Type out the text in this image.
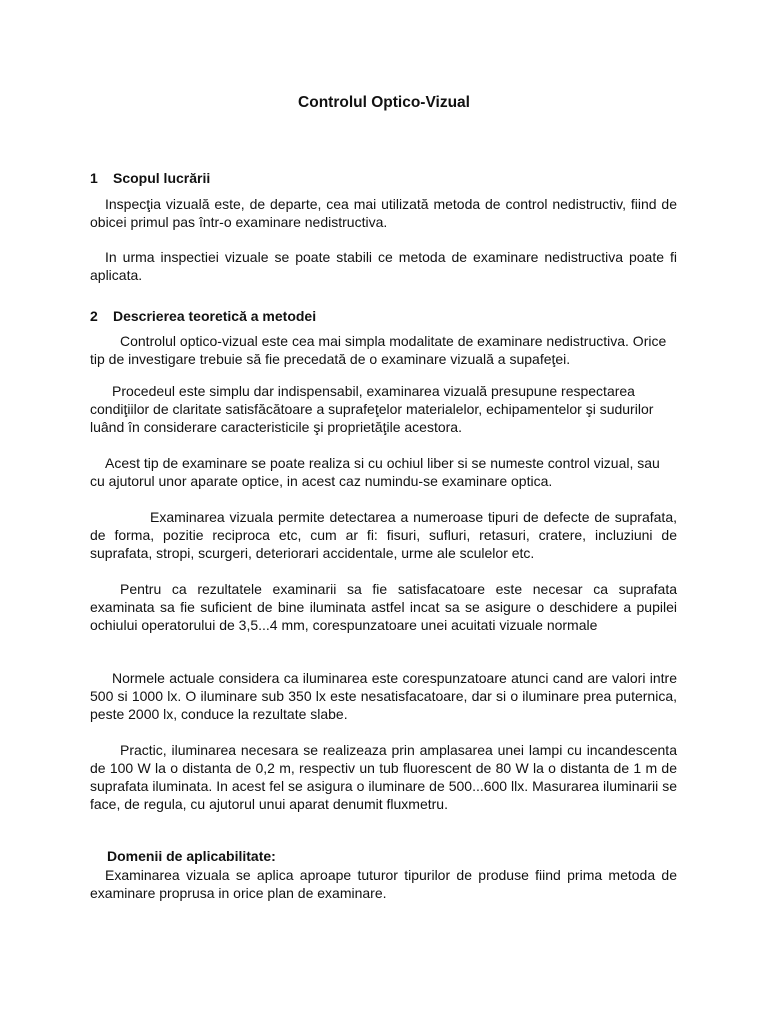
Controlul Optico-Vizual
1 Scopul lucrării

Inspecţia vizuală este, de departe, cea mai utilizată metoda de control nedistructiv, fiind de obicei primul pas într-o examinare nedistructiva.

In urma inspectiei vizuale se poate stabili ce metoda de examinare nedistructiva poate fi aplicata.

2 Descrierea teoretică a metodei

Controlul optico-vizual este cea mai simpla modalitate de examinare nedistructiva. Orice tip de investigare trebuie să fie precedată de o examinare vizuală a supafeţei.

Procedeul este simplu dar indispensabil, examinarea vizuală presupune respectarea condiţiilor de claritate satisfăcătoare a suprafeţelor materialelor, echipamentelor şi sudurilor luând în considerare caracteristicile şi proprietăţile acestora.

Acest tip de examinare se poate realiza si cu ochiul liber si se numeste control vizual, sau cu ajutorul unor aparate optice, in acest caz numindu-se examinare optica.

Examinarea vizuala permite detectarea a numeroase tipuri de defecte de suprafata, de forma, pozitie reciproca etc, cum ar fi: fisuri, sufluri, retasuri, cratere, incluziuni de suprafata, stropi, scurgeri, deteriorari accidentale, urme ale sculelor etc.

Pentru ca rezultatele examinarii sa fie satisfacatoare este necesar ca suprafata examinata sa fie suficient de bine iluminata astfel incat sa se asigure o deschidere a pupilei ochiului operatorului de 3,5...4 mm, corespunzatoare unei acuitati vizuale normale

Normele actuale considera ca iluminarea este corespunzatoare atunci cand are valori intre 500 si 1000 lx. O iluminare sub 350 lx este nesatisfacatoare, dar si o iluminare prea puternica, peste 2000 lx, conduce la rezultate slabe.

Practic, iluminarea necesara se realizeaza prin amplasarea unei lampi cu incandescenta de 100 W la o distanta de 0,2 m, respectiv un tub fluorescent de 80 W la o distanta de 1 m de suprafata iluminata. In acest fel se asigura o iluminare de 500...600 llx. Masurarea iluminarii se face, de regula, cu ajutorul unui aparat denumit fluxmetru.

Domenii de aplicabilitate:

Examinarea vizuala se aplica aproape tuturor tipurilor de produse fiind prima metoda de examinare proprusa in orice plan de examinare.
